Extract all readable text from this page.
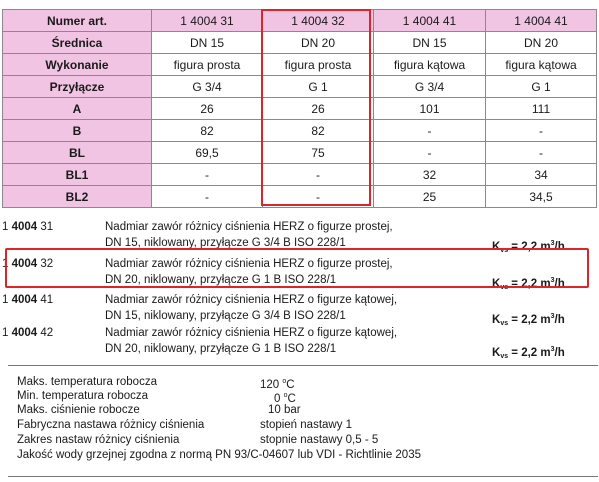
Numer art.	1 4004 31	1 4004 32	1 4004 41	1 4004 41
Średnica	DN 15	DN 20	DN 15	DN 20
Wykonanie	figura prosta	figura prosta	figura kątowa	figura kątowa
Przyłącze	G 3/4	G 1	G 3/4	G 1
A	26	26	101	111
B	82	82	-	-
BL	69,5	75	-	-
BL1	-	-	32	34
BL2	-	-	25	34,5
1 4004 31	Nadmiar zawór różnicy ciśnienia HERZ o figurze prostej,
DN 15, niklowany, przyłącze G 3/4 B ISO 228/1	$K_{vs} = 2,2$ $m^3/h$
1 4004 32	Nadmiar zawór różnicy ciśnienia HERZ o figurze prostej,
DN 20, niklowany, przyłącze G 1 B ISO 228/1	$K_{vs} = 2,2$ $m^3/h$
1 4004 41	Nadmiar zawór różnicy ciśnienia HERZ o figurze kątowej,
DN 15, niklowany, przyłącze G 3/4 B ISO 228/1	$K_{vs} = 2,2$ $m^3/h$
1 4004 42	Nadmiar zawór różnicy ciśnienia HERZ o figurze kątowej,
DN 20, niklowany, przyłącze G 1 B ISO 228/1	$K_{vs} = 2,2$ $m^3/h$
Maks. temperatura robocza	120 $^o$C
Min. temperatura robocza	0 $^o$C
Maks. ciśnienie robocze	10 bar
Fabryczna nastawa różnicy ciśnienia	stopień nastawy 1
Zakres nastaw różnicy ciśnienia	stopnie nastawy 0,5 - 5
Jakość wody grzejnej zgodna z normą PN 93/C-04607 lub VDI - Richtlinie 2035
